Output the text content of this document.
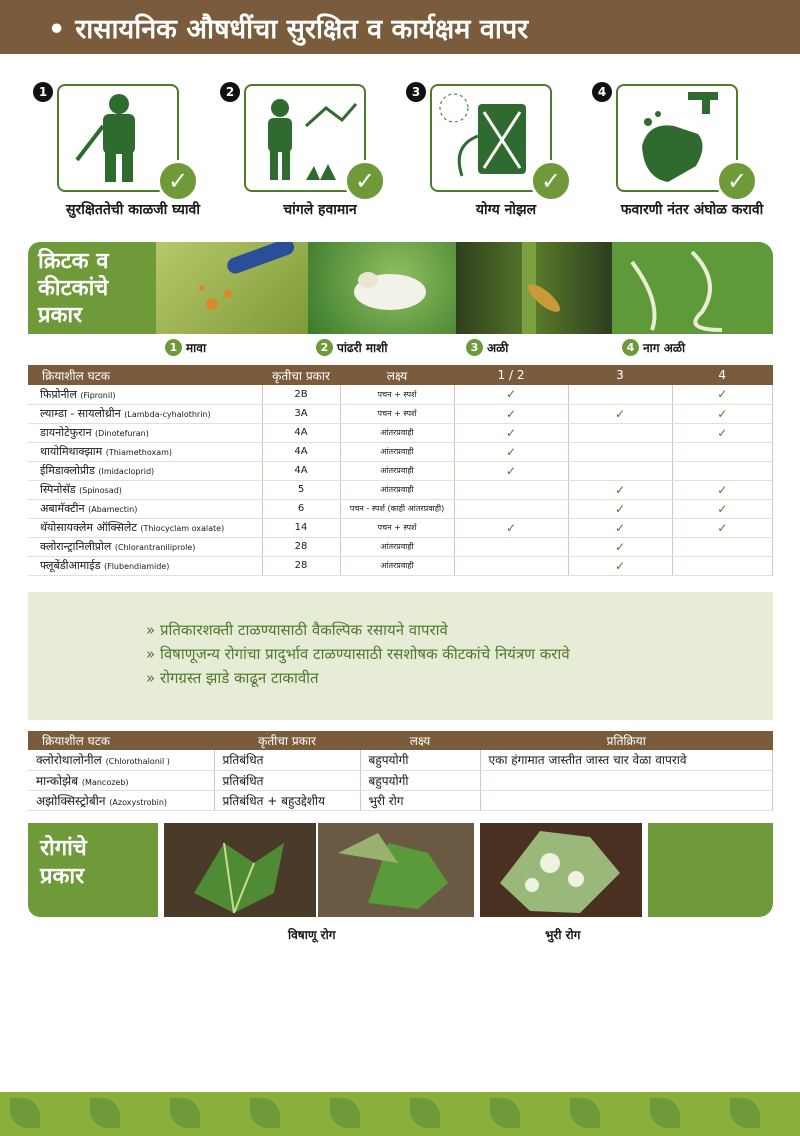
• रासायनिक औषधींचा सुरक्षित व कार्यक्षम वापर
1
✓
सुरक्षिततेची काळजी घ्यावी
2
✓
चांगले हवामान
3
✓
योग्य नोझल
4
✓
फवारणी नंतर अंघोळ करावी
क्रिटक व
कीटकांचे
प्रकार
1 मावा	2 पांढरी माशी	3 अळी	4 नाग अळी
क्रियाशील घटक	कृतीचा प्रकार	लक्ष्य	1 / 2	3	4
फिप्रोनील (Fipronil)	2B	पचन + स्पर्श	✓		✓
ल्याम्डा - सायलोथ्रीन (Lambda-cyhalothrin)	3A	पचन + स्पर्श	✓	✓	✓
डायनोटेफुरान (Dinotefuran)	4A	आंतरप्रवाही	✓		✓
थायोमिथाक्झाम (Thiamethoxam)	4A	आंतरप्रवाही	✓		
ईमिडाक्लोप्रीड (Imidacloprid)	4A	आंतरप्रवाही	✓		
स्पिनोसॅड (Spinosad)	5	आंतरप्रवाही		✓	✓
अबामॅक्टीन (Abamectin)	6	पचन - स्पर्श (काही आंतरप्रवाही)		✓	✓
थॅयोसायक्लेम ऑक्सिलेट (Thiocyclam oxalate)	14	पचन + स्पर्श	✓	✓	✓
क्लोरान्ट्रानिलीप्रोल (Chlorantraniliprole)	28	आंतरप्रवाही		✓	
फ्लूबेंडीआमाईड (Flubendiamide)	28	आंतरप्रवाही		✓	
» प्रतिकारशक्ती टाळण्यासाठी वैकल्पिक रसायने वापरावे
» विषाणूजन्य रोगांचा प्रादुर्भाव टाळण्यासाठी रसशोषक कीटकांचे नियंत्रण करावे
» रोगग्रस्त झाडे काढून टाकावीत
क्रियाशील घटक	कृतीचा प्रकार	लक्ष्य	प्रतिक्रिया
क्लोरोथालोनील (Chlorothalonil )	प्रतिबंधित	बहुपयोगी	एका हंगामात जास्तीत जास्त चार वेळा वापरावे
मान्कोझेब (Mancozeb)	प्रतिबंधित	बहुपयोगी	
अझोक्सिस्ट्रोबीन (Azoxystrobin)	प्रतिबंधित + बहुउद्देशीय	भुरी रोग	
रोगांचे
प्रकार
विषाणू रोग	भुरी रोग
